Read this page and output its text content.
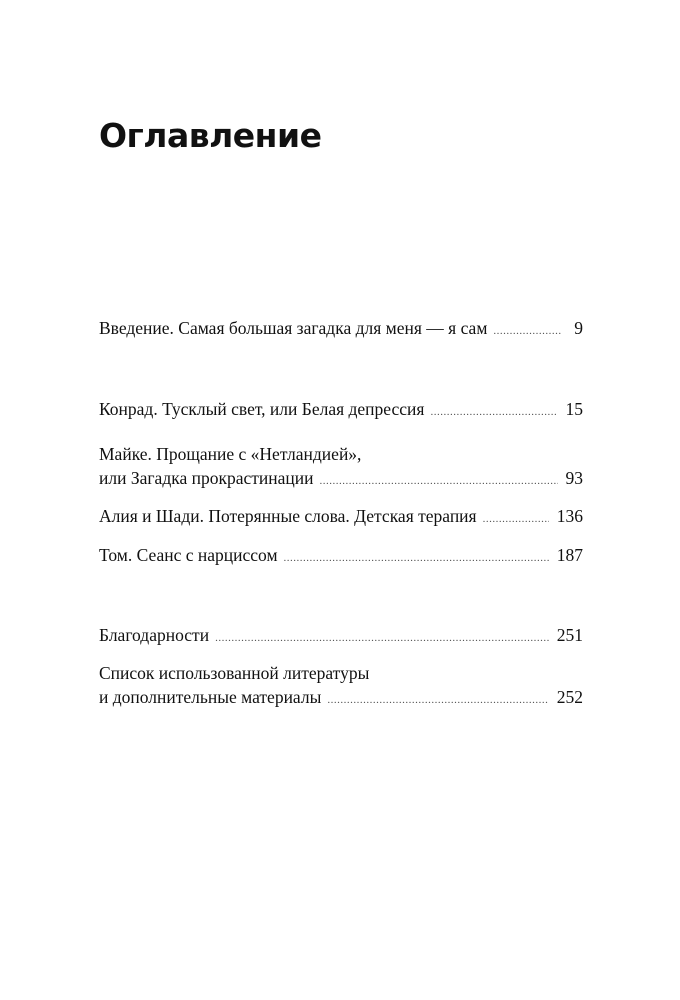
Оглавление
Введение. Самая большая загадка для меня — я сам .....	9
Конрад. Тусклый свет, или Белая депрессия .....	15
Майке. Прощание с «Нетландией»,
или Загадка прокрастинации .....	93
Алия и Шади. Потерянные слова. Детская терапия .....	136
Том. Сеанс с нарциссом .....	187
Благодарности .....	251
Список использованной литературы
и дополнительные материалы .....	252
